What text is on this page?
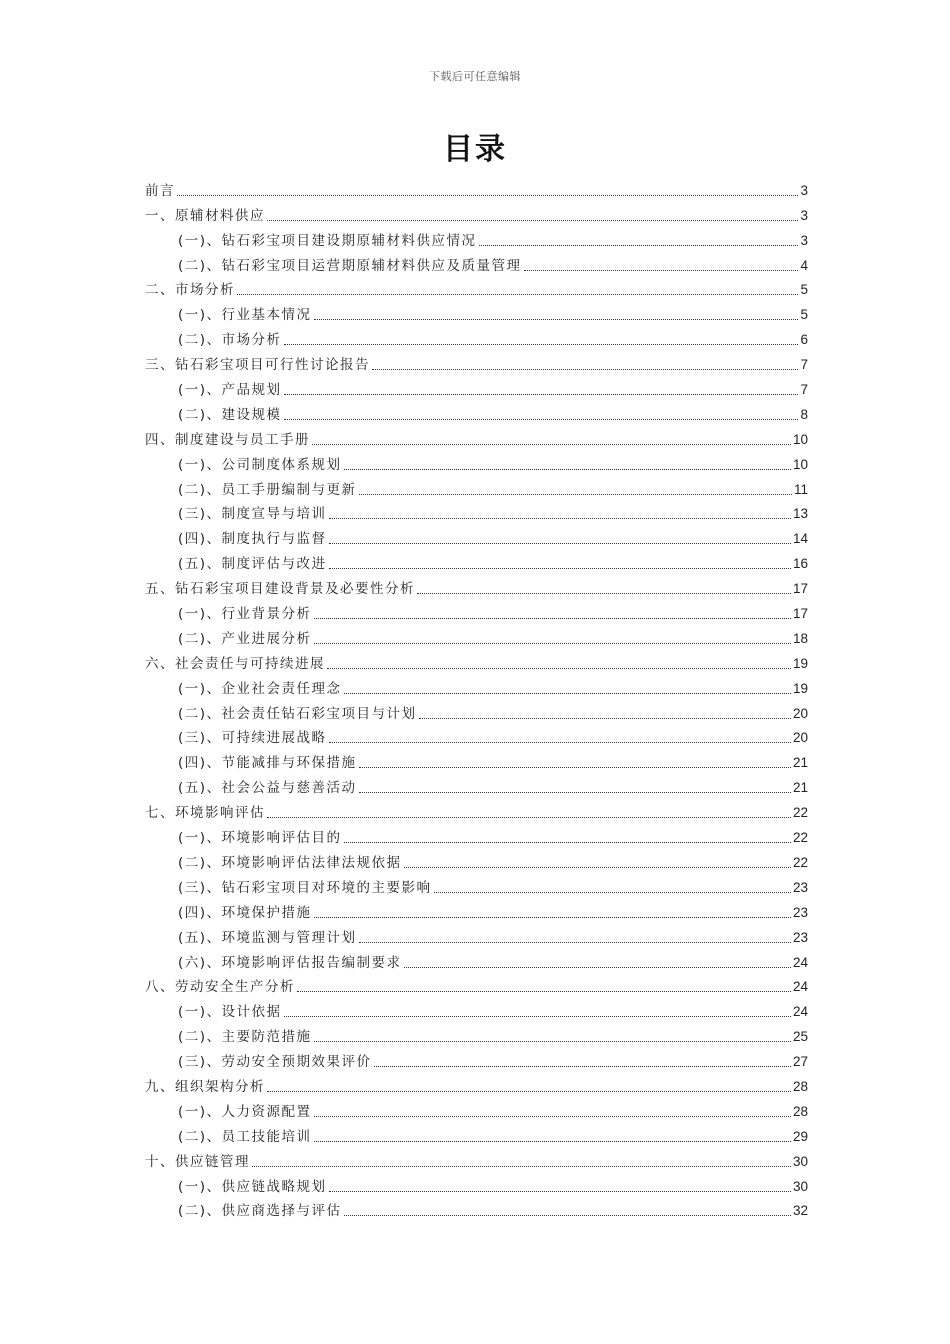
下载后可任意编辑
目录
前言	3
一、原辅材料供应	3
(一)、钻石彩宝项目建设期原辅材料供应情况	3
(二)、钻石彩宝项目运营期原辅材料供应及质量管理	4
二、市场分析	5
(一)、行业基本情况	5
(二)、市场分析	6
三、钻石彩宝项目可行性讨论报告	7
(一)、产品规划	7
(二)、建设规模	8
四、制度建设与员工手册	10
(一)、公司制度体系规划	10
(二)、员工手册编制与更新	11
(三)、制度宣导与培训	13
(四)、制度执行与监督	14
(五)、制度评估与改进	16
五、钻石彩宝项目建设背景及必要性分析	17
(一)、行业背景分析	17
(二)、产业进展分析	18
六、社会责任与可持续进展	19
(一)、企业社会责任理念	19
(二)、社会责任钻石彩宝项目与计划	20
(三)、可持续进展战略	20
(四)、节能减排与环保措施	21
(五)、社会公益与慈善活动	21
七、环境影响评估	22
(一)、环境影响评估目的	22
(二)、环境影响评估法律法规依据	22
(三)、钻石彩宝项目对环境的主要影响	23
(四)、环境保护措施	23
(五)、环境监测与管理计划	23
(六)、环境影响评估报告编制要求	24
八、劳动安全生产分析	24
(一)、设计依据	24
(二)、主要防范措施	25
(三)、劳动安全预期效果评价	27
九、组织架构分析	28
(一)、人力资源配置	28
(二)、员工技能培训	29
十、供应链管理	30
(一)、供应链战略规划	30
(二)、供应商选择与评估	32
